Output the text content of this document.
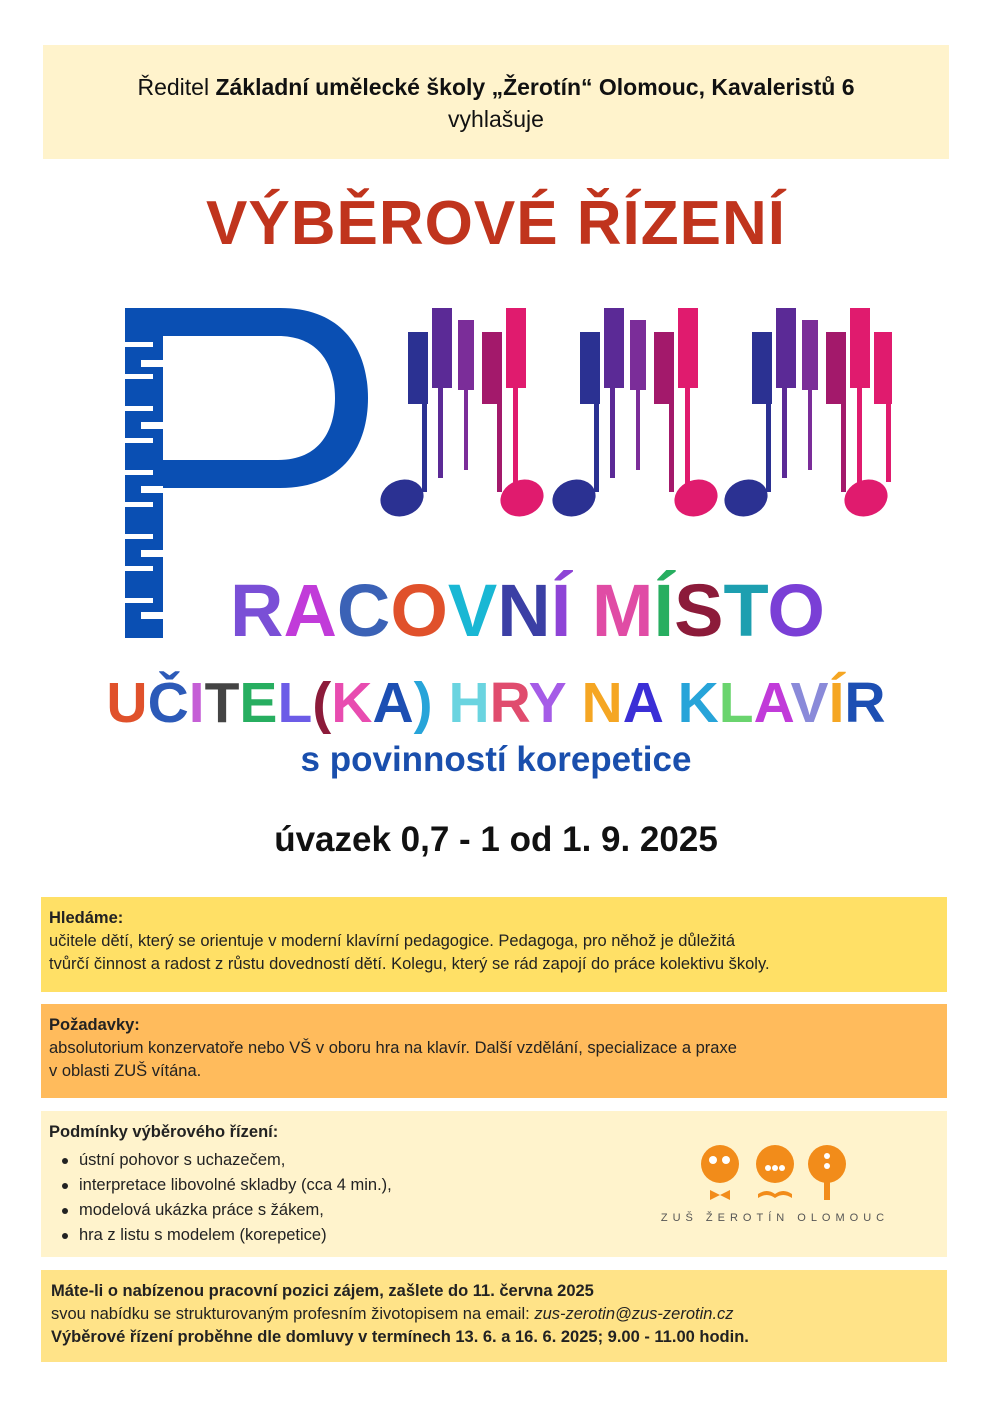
Ředitel Základní umělecké školy „Žerotín“ Olomouc, Kavaleristů 6
vyhlašuje
VÝBĚROVÉ ŘÍZENÍ
RACOVNÍ MÍSTO
UČITEL(KA) HRY NA KLAVÍR
s povinností korepetice
úvazek 0,7 - 1 od 1. 9. 2025
Hledáme:
učitele dětí, který se orientuje v moderní klavírní pedagogice. Pedagoga, pro něhož je důležitá
tvůrčí činnost a radost z růstu dovedností dětí. Kolegu, který se rád zapojí do práce kolektivu školy.
Požadavky:
absolutorium konzervatoře nebo VŠ v oboru hra na klavír. Další vzdělání, specializace a praxe
v oblasti ZUŠ vítána.
Podmínky výběrového řízení:
ústní pohovor s uchazečem,
interpretace libovolné skladby (cca 4 min.),
modelová ukázka práce s žákem,
hra z listu s modelem (korepetice)
ZUŠ ŽEROTÍN OLOMOUC
Máte-li o nabízenou pracovní pozici zájem, zašlete do 11. června 2025
svou nabídku se strukturovaným profesním životopisem na email: zus-zerotin@zus-zerotin.cz
Výběrové řízení proběhne dle domluvy v termínech 13. 6. a 16. 6. 2025; 9.00 - 11.00 hodin.
